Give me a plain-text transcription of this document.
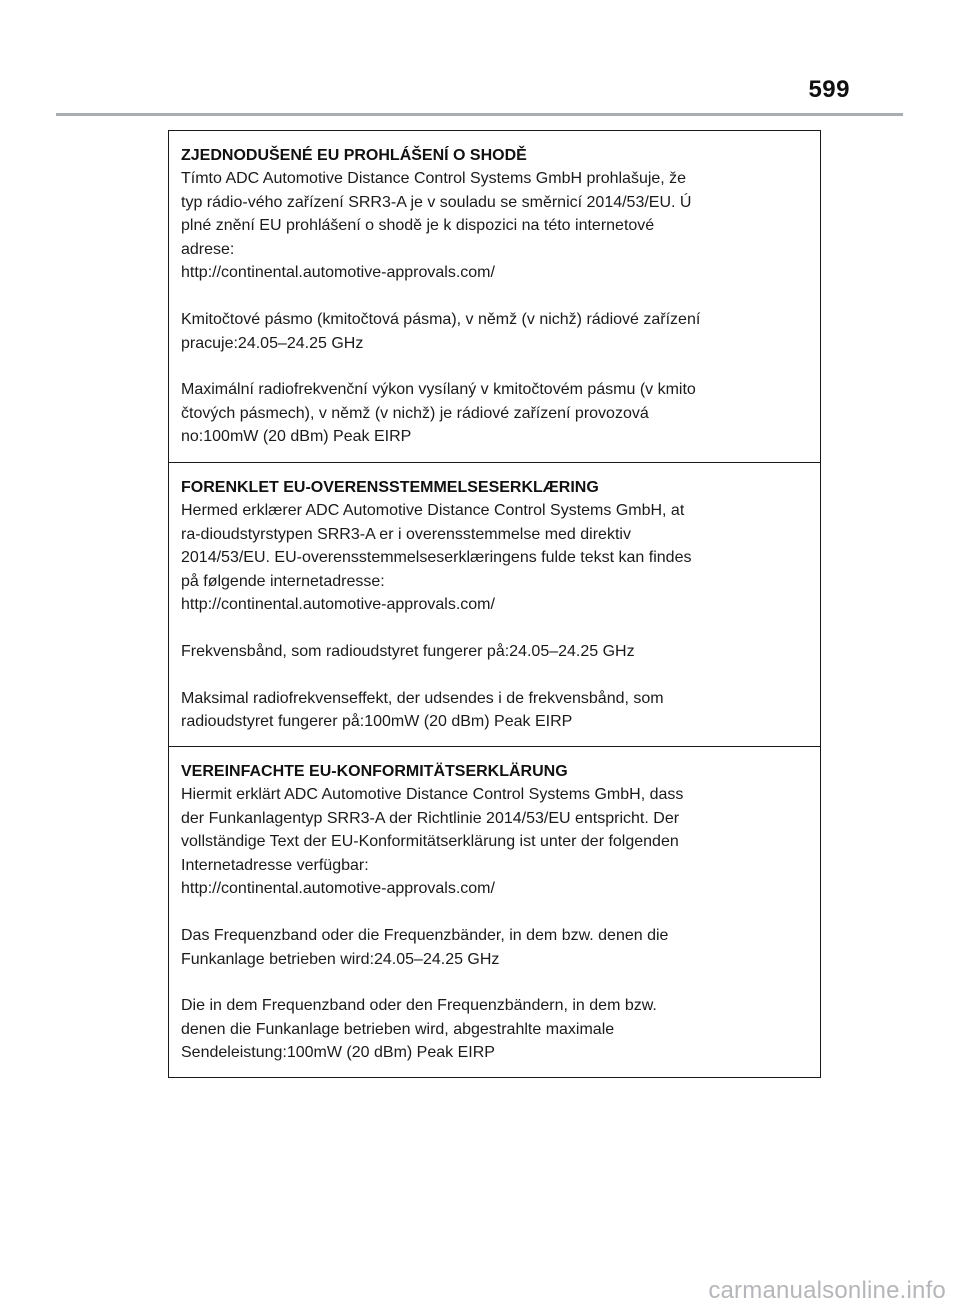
599
ZJEDNODUŠENÉ EU PROHLÁŠENÍ O SHODĚ
Tímto ADC Automotive Distance Control Systems GmbH prohlašuje, že
typ rádio-vého zařízení SRR3-A je v souladu se směrnicí 2014/53/EU. Ú
plné znění EU prohlášení o shodě je k dispozici na této internetové
adrese:
http://continental.automotive-approvals.com/
Kmitočtové pásmo (kmitočtová pásma), v němž (v nichž) rádiové zařízení
pracuje:24.05–24.25 GHz
Maximální radiofrekvenční výkon vysílaný v kmitočtovém pásmu (v kmito
čtových pásmech), v němž (v nichž) je rádiové zařízení provozová
no:100mW (20 dBm) Peak EIRP
FORENKLET EU-OVERENSSTEMMELSESERKLÆRING
Hermed erklærer ADC Automotive Distance Control Systems GmbH, at
ra-dioudstyrstypen SRR3-A er i overensstemmelse med direktiv
2014/53/EU. EU-overensstemmelseserklæringens fulde tekst kan findes
på følgende internetadresse:
http://continental.automotive-approvals.com/
Frekvensbånd, som radioudstyret fungerer på:24.05–24.25 GHz
Maksimal radiofrekvenseffekt, der udsendes i de frekvensbånd, som
radioudstyret fungerer på:100mW (20 dBm) Peak EIRP
VEREINFACHTE EU-KONFORMITÄTSERKLÄRUNG
Hiermit erklärt ADC Automotive Distance Control Systems GmbH, dass
der Funkanlagentyp SRR3-A der Richtlinie 2014/53/EU entspricht. Der
vollständige Text der EU-Konformitätserklärung ist unter der folgenden
Internetadresse verfügbar:
http://continental.automotive-approvals.com/
Das Frequenzband oder die Frequenzbänder, in dem bzw. denen die
Funkanlage betrieben wird:24.05–24.25 GHz
Die in dem Frequenzband oder den Frequenzbändern, in dem bzw.
denen die Funkanlage betrieben wird, abgestrahlte maximale
Sendeleistung:100mW (20 dBm) Peak EIRP
carmanualsonline.info
